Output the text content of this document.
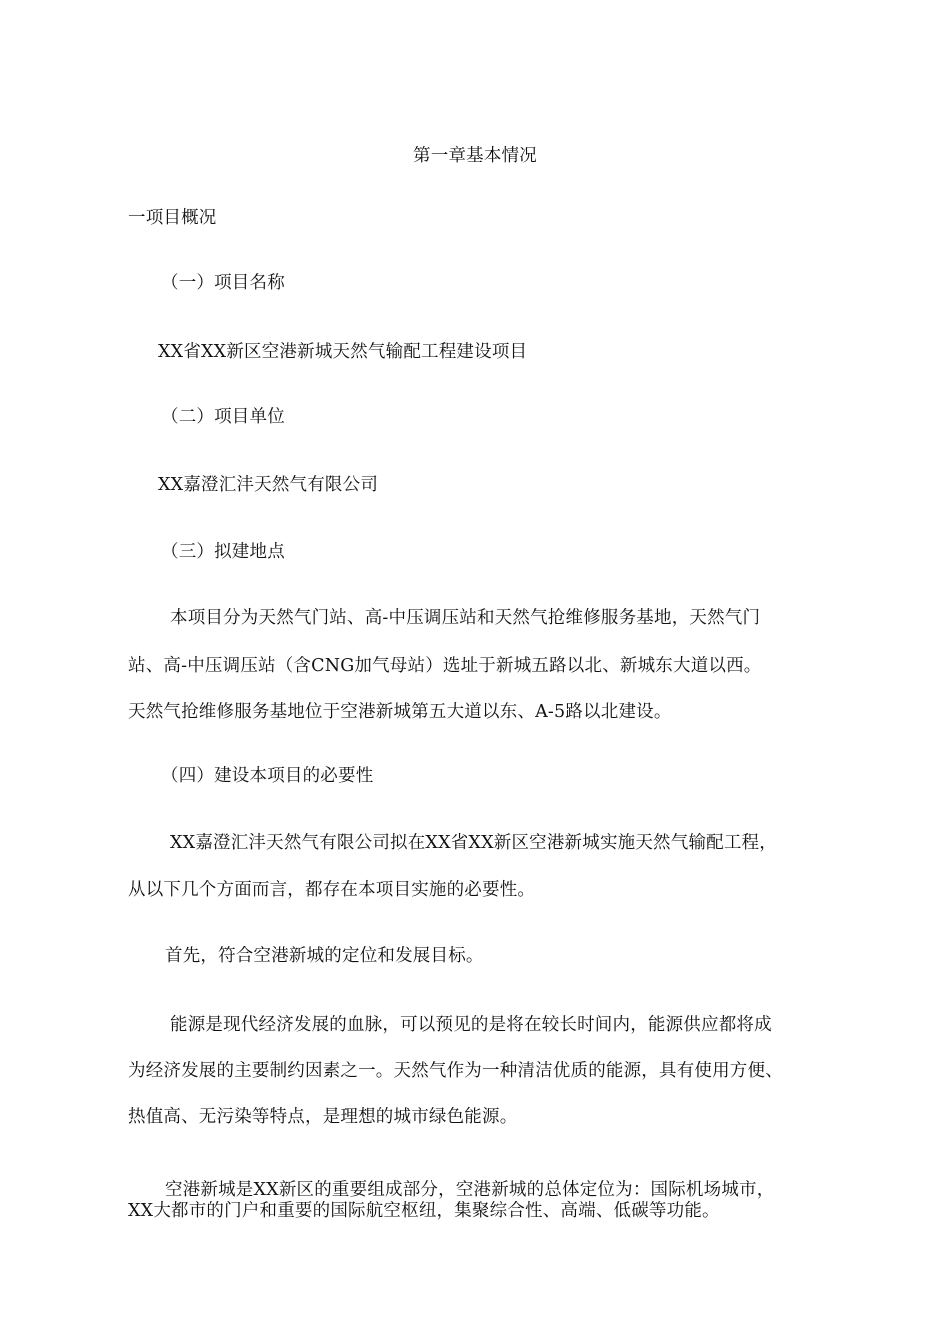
第一章基本情况

一项目概况

（一）项目名称

XX省XX新区空港新城天然气输配工程建设项目

（二）项目单位

XX嘉澄汇沣天然气有限公司

（三）拟建地点

本项目分为天然气门站、高-中压调压站和天然气抢维修服务基地，天然气门

站、高-中压调压站（含CNG加气母站）选址于新城五路以北、新城东大道以西。

天然气抢维修服务基地位于空港新城第五大道以东、A-5路以北建设。

（四）建设本项目的必要性

XX嘉澄汇沣天然气有限公司拟在XX省XX新区空港新城实施天然气输配工程，

从以下几个方面而言，都存在本项目实施的必要性。

首先，符合空港新城的定位和发展目标。

能源是现代经济发展的血脉，可以预见的是将在较长时间内，能源供应都将成

为经济发展的主要制约因素之一。天然气作为一种清洁优质的能源，具有使用方便、

热值高、无污染等特点，是理想的城市绿色能源。

空港新城是XX新区的重要组成部分，空港新城的总体定位为：国际机场城市，

XX大都市的门户和重要的国际航空枢纽，集聚综合性、高端、低碳等功能。
